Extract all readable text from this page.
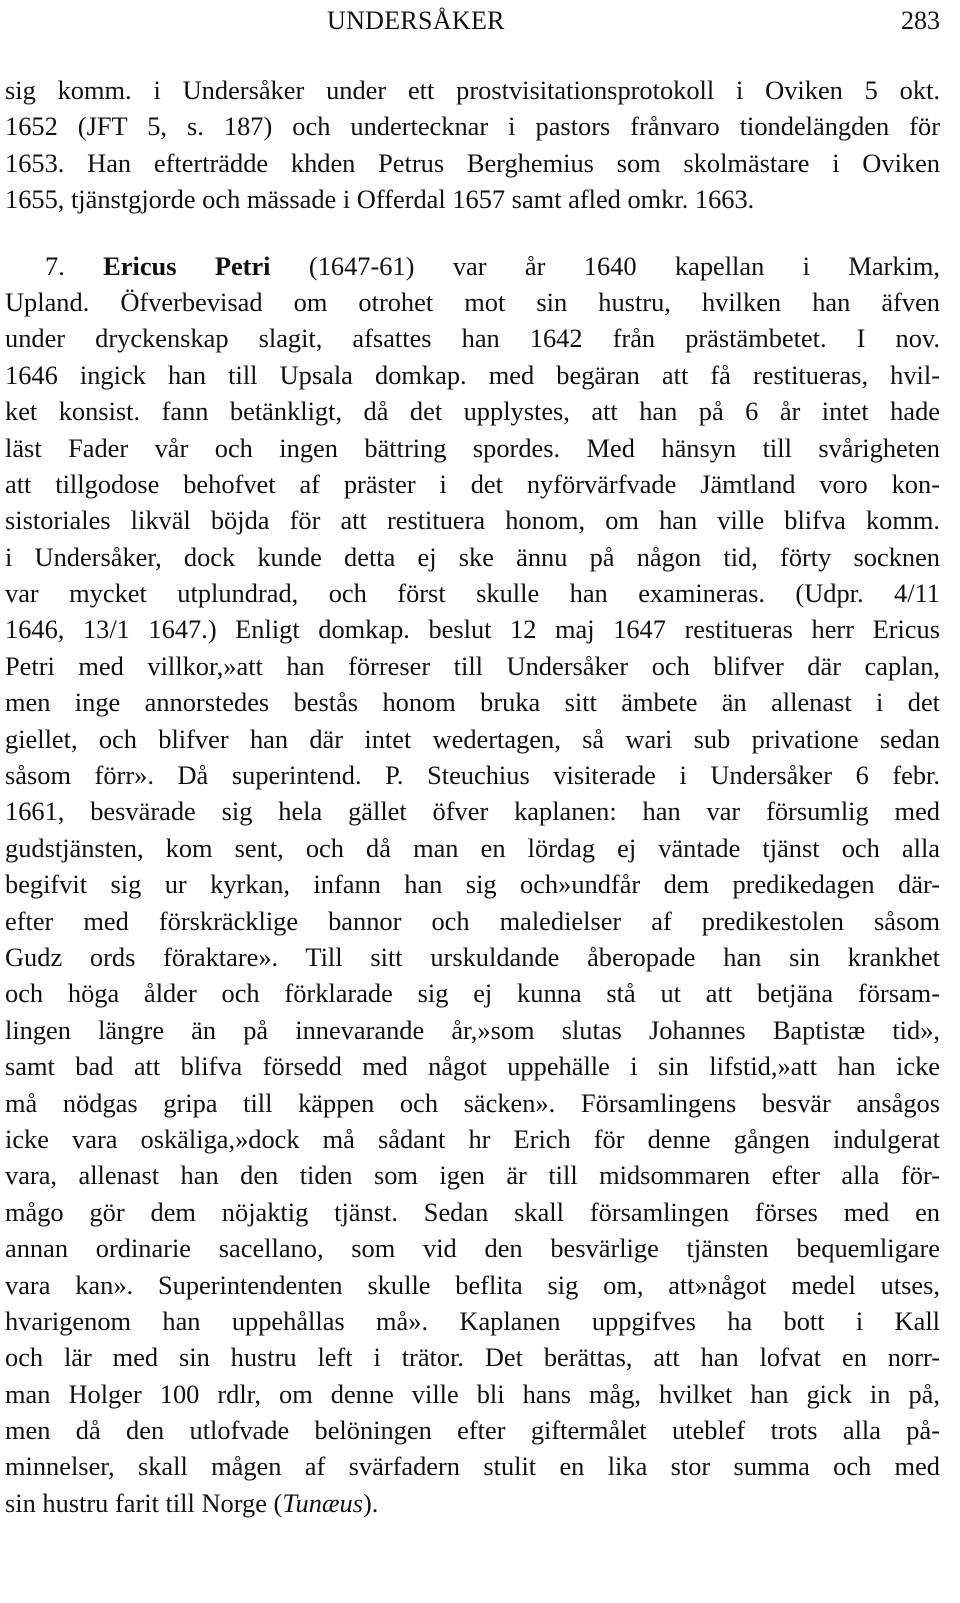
UNDERSÅKER	283
sig komm. i Undersåker under ett prostvisitationsprotokoll i Oviken 5 okt.
1652 (JFT 5, s. 187) och undertecknar i pastors frånvaro tiondelängden för
1653. Han efterträdde khden Petrus Berghemius som skolmästare i Oviken
1655, tjänstgjorde och mässade i Offerdal 1657 samt afled omkr. 1663.
7. Ericus Petri (1647-61) var år 1640 kapellan i Markim,
Upland. Öfverbevisad om otrohet mot sin hustru, hvilken han äfven
under dryckenskap slagit, afsattes han 1642 från prästämbetet. I nov.
1646 ingick han till Upsala domkap. med begäran att få restitueras, hvil-
ket konsist. fann betänkligt, då det upplystes, att han på 6 år intet hade
läst Fader vår och ingen bättring spordes. Med hänsyn till svårigheten
att tillgodose behofvet af präster i det nyförvärfvade Jämtland voro kon-
sistoriales likväl böjda för att restituera honom, om han ville blifva komm.
i Undersåker, dock kunde detta ej ske ännu på någon tid, förty socknen
var mycket utplundrad, och först skulle han examineras. (Udpr. 4/11
1646, 13/1 1647.) Enligt domkap. beslut 12 maj 1647 restitueras herr Ericus
Petri med villkor,»att han förreser till Undersåker och blifver där caplan,
men inge annorstedes bestås honom bruka sitt ämbete än allenast i det
giellet, och blifver han där intet wedertagen, så wari sub privatione sedan
såsom förr». Då superintend. P. Steuchius visiterade i Undersåker 6 febr.
1661, besvärade sig hela gället öfver kaplanen: han var försumlig med
gudstjänsten, kom sent, och då man en lördag ej väntade tjänst och alla
begifvit sig ur kyrkan, infann han sig och»undfår dem predikedagen där-
efter med förskräcklige bannor och maledielser af predikestolen såsom
Gudz ords föraktare». Till sitt urskuldande åberopade han sin krankhet
och höga ålder och förklarade sig ej kunna stå ut att betjäna försam-
lingen längre än på innevarande år,»som slutas Johannes Baptistæ tid»,
samt bad att blifva försedd med något uppehälle i sin lifstid,»att han icke
må nödgas gripa till käppen och säcken». Församlingens besvär ansågos
icke vara oskäliga,»dock må sådant hr Erich för denne gången indulgerat
vara, allenast han den tiden som igen är till midsommaren efter alla för-
mågo gör dem nöjaktig tjänst. Sedan skall församlingen förses med en
annan ordinarie sacellano, som vid den besvärlige tjänsten bequemligare
vara kan». Superintendenten skulle beflita sig om, att»något medel utses,
hvarigenom han uppehållas må». Kaplanen uppgifves ha bott i Kall
och lär med sin hustru left i trätor. Det berättas, att han lofvat en norr-
man Holger 100 rdlr, om denne ville bli hans måg, hvilket han gick in på,
men då den utlofvade belöningen efter giftermålet uteblef trots alla på-
minnelser, skall mågen af svärfadern stulit en lika stor summa och med
sin hustru farit till Norge (Tunæus).
